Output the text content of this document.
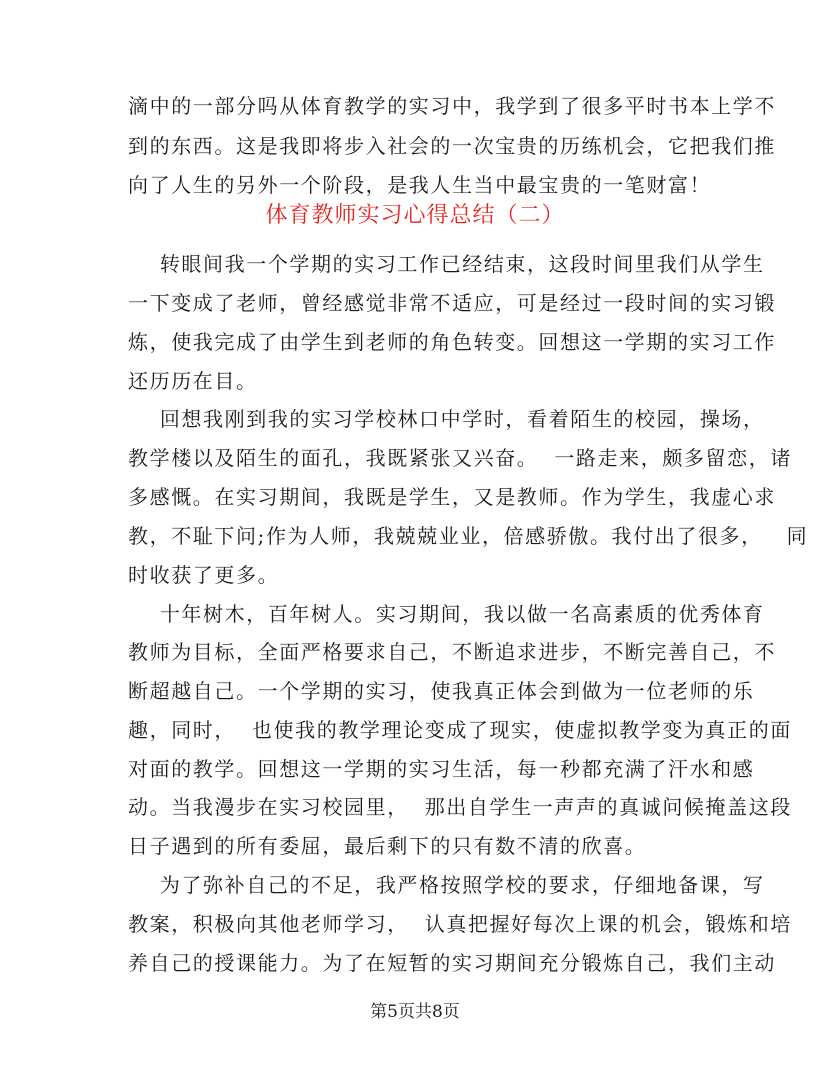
滴中的一部分吗从体育教学的实习中，我学到了很多平时书本上学不
到的东西。这是我即将步入社会的一次宝贵的历练机会，它把我们推
向了人生的另外一个阶段，是我人生当中最宝贵的一笔财富！
体育教师实习心得总结（二）
转眼间我一个学期的实习工作已经结束，这段时间里我们从学生
一下变成了老师，曾经感觉非常不适应，可是经过一段时间的实习锻
炼，使我完成了由学生到老师的角色转变。回想这一学期的实习工作
还历历在目。
回想我刚到我的实习学校林口中学时，看着陌生的校园，操场，
教学楼以及陌生的面孔，我既紧张又兴奋。  一路走来，颇多留恋，诸
多感慨。在实习期间，我既是学生，又是教师。作为学生，我虚心求
教，不耻下问;作为人师，我兢兢业业，倍感骄傲。我付出了很多，   同
时收获了更多。
十年树木，百年树人。实习期间，我以做一名高素质的优秀体育
教师为目标，全面严格要求自己，不断追求进步，不断完善自己，不
断超越自己。一个学期的实习，使我真正体会到做为一位老师的乐
趣，同时，  也使我的教学理论变成了现实，使虚拟教学变为真正的面
对面的教学。回想这一学期的实习生活，每一秒都充满了汗水和感
动。当我漫步在实习校园里，  那出自学生一声声的真诚问候掩盖这段
日子遇到的所有委屈，最后剩下的只有数不清的欣喜。
为了弥补自己的不足，我严格按照学校的要求，仔细地备课，写
教案，积极向其他老师学习，  认真把握好每次上课的机会，锻炼和培
养自己的授课能力。为了在短暂的实习期间充分锻炼自己，我们主动
第5页共8页
